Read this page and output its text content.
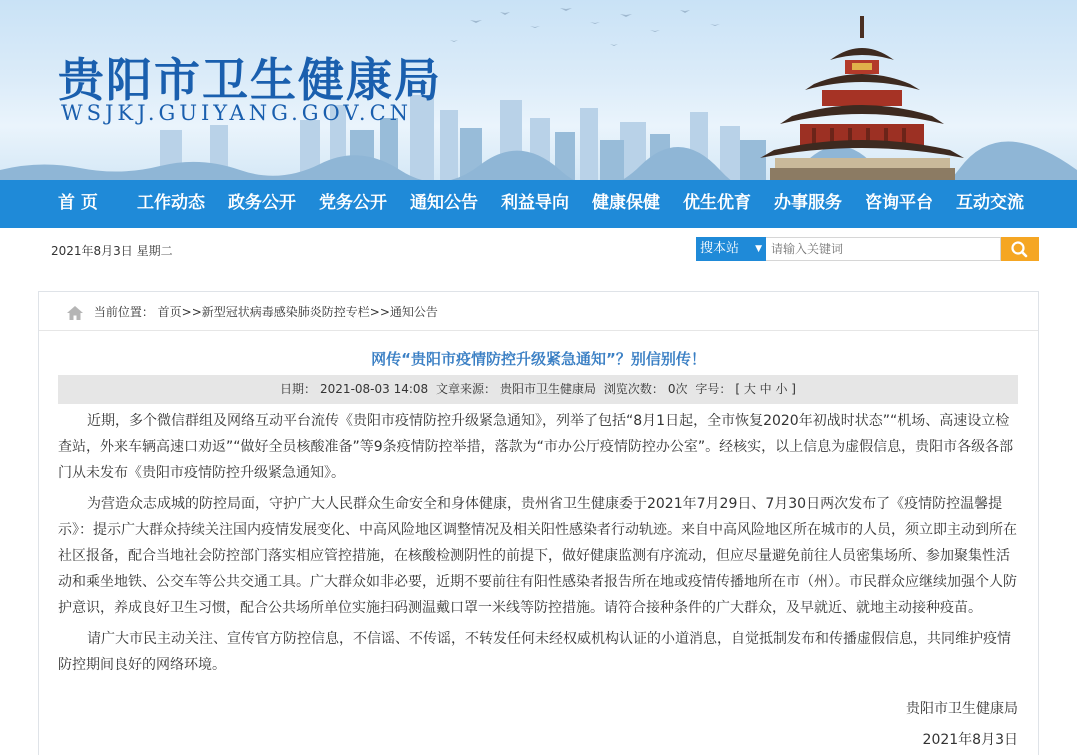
贵阳市卫生健康局
WSJKJ.GUIYANG.GOV.CN
首 页 工作动态 政务公开 党务公开 通知公告 利益导向 健康保健 优生优育 办事服务 咨询平台 互动交流
2021年8月3日 星期二	搜本站 ▼
请输入关键词
当前位置： 首页>>新型冠状病毒感染肺炎防控专栏>>通知公告
网传“贵阳市疫情防控升级紧急通知”？别信别传！
日期： 2021-08-03 14:08 文章来源： 贵阳市卫生健康局 浏览次数： 0次 字号： [ 大 中 小 ]

近期，多个微信群组及网络互动平台流传《贵阳市疫情防控升级紧急通知》，列举了包括“8月1日起，全市恢复2020年初战时状态”“机场、高速设立检查站，外来车辆高速口劝返”“做好全员核酸准备”等9条疫情防控举措，落款为“市办公厅疫情防控办公室”。经核实，以上信息为虚假信息，贵阳市各级各部门从未发布《贵阳市疫情防控升级紧急通知》。

为营造众志成城的防控局面，守护广大人民群众生命安全和身体健康，贵州省卫生健康委于2021年7月29日、7月30日两次发布了《疫情防控温馨提示》：提示广大群众持续关注国内疫情发展变化、中高风险地区调整情况及相关阳性感染者行动轨迹。来自中高风险地区所在城市的人员，须立即主动到所在社区报备，配合当地社会防控部门落实相应管控措施，在核酸检测阴性的前提下，做好健康监测有序流动，但应尽量避免前往人员密集场所、参加聚集性活动和乘坐地铁、公交车等公共交通工具。广大群众如非必要，近期不要前往有阳性感染者报告所在地或疫情传播地所在市（州）。市民群众应继续加强个人防护意识，养成良好卫生习惯，配合公共场所单位实施扫码测温戴口罩一米线等防控措施。请符合接种条件的广大群众，及早就近、就地主动接种疫苗。

请广大市民主动关注、宣传官方防控信息，不信谣、不传谣，不转发任何未经权威机构认证的小道消息，自觉抵制发布和传播虚假信息，共同维护疫情防控期间良好的网络环境。

贵阳市卫生健康局
2021年8月3日
